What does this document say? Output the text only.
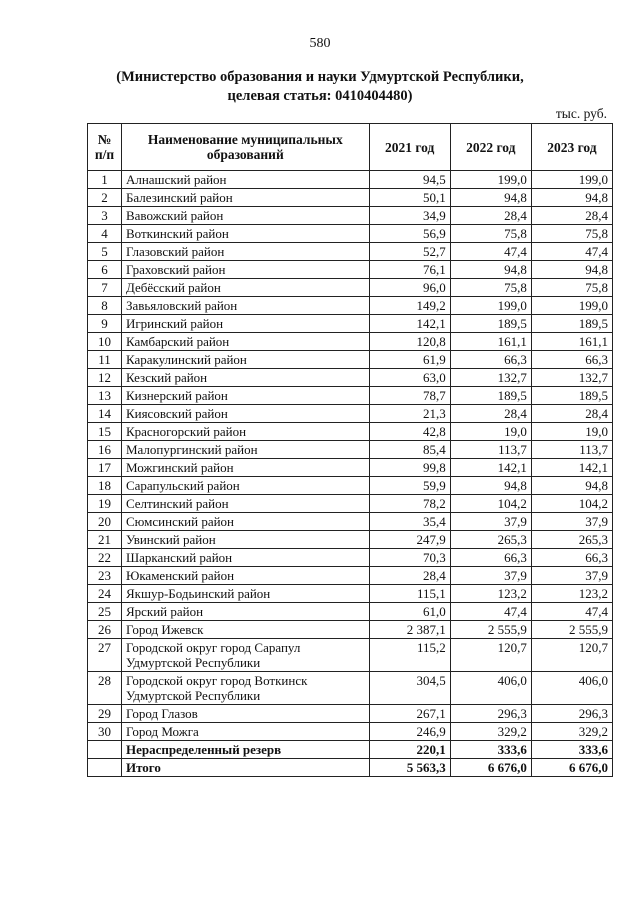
580
(Министерство образования и науки Удмуртской Республики,
целевая статья: 0410404480)
тыс. руб.
№ п/п	Наименование муниципальных образований	2021 год	2022 год	2023 год
1	Алнашский район	94,5	199,0	199,0
2	Балезинский район	50,1	94,8	94,8
3	Вавожский район	34,9	28,4	28,4
4	Воткинский район	56,9	75,8	75,8
5	Глазовский район	52,7	47,4	47,4
6	Граховский район	76,1	94,8	94,8
7	Дебёсский район	96,0	75,8	75,8
8	Завьяловский район	149,2	199,0	199,0
9	Игринский район	142,1	189,5	189,5
10	Камбарский район	120,8	161,1	161,1
11	Каракулинский район	61,9	66,3	66,3
12	Кезский район	63,0	132,7	132,7
13	Кизнерский район	78,7	189,5	189,5
14	Киясовский район	21,3	28,4	28,4
15	Красногорский район	42,8	19,0	19,0
16	Малопургинский район	85,4	113,7	113,7
17	Можгинский район	99,8	142,1	142,1
18	Сарапульский район	59,9	94,8	94,8
19	Селтинский район	78,2	104,2	104,2
20	Сюмсинский район	35,4	37,9	37,9
21	Увинский район	247,9	265,3	265,3
22	Шарканский район	70,3	66,3	66,3
23	Юкаменский район	28,4	37,9	37,9
24	Якшур-Бодьинский район	115,1	123,2	123,2
25	Ярский район	61,0	47,4	47,4
26	Город Ижевск	2 387,1	2 555,9	2 555,9
27	Городской округ город Сарапул Удмуртской Республики	115,2	120,7	120,7
28	Городской округ город Воткинск Удмуртской Республики	304,5	406,0	406,0
29	Город Глазов	267,1	296,3	296,3
30	Город Можга	246,9	329,2	329,2
	Нераспределенный резерв	220,1	333,6	333,6
	Итого	5 563,3	6 676,0	6 676,0
